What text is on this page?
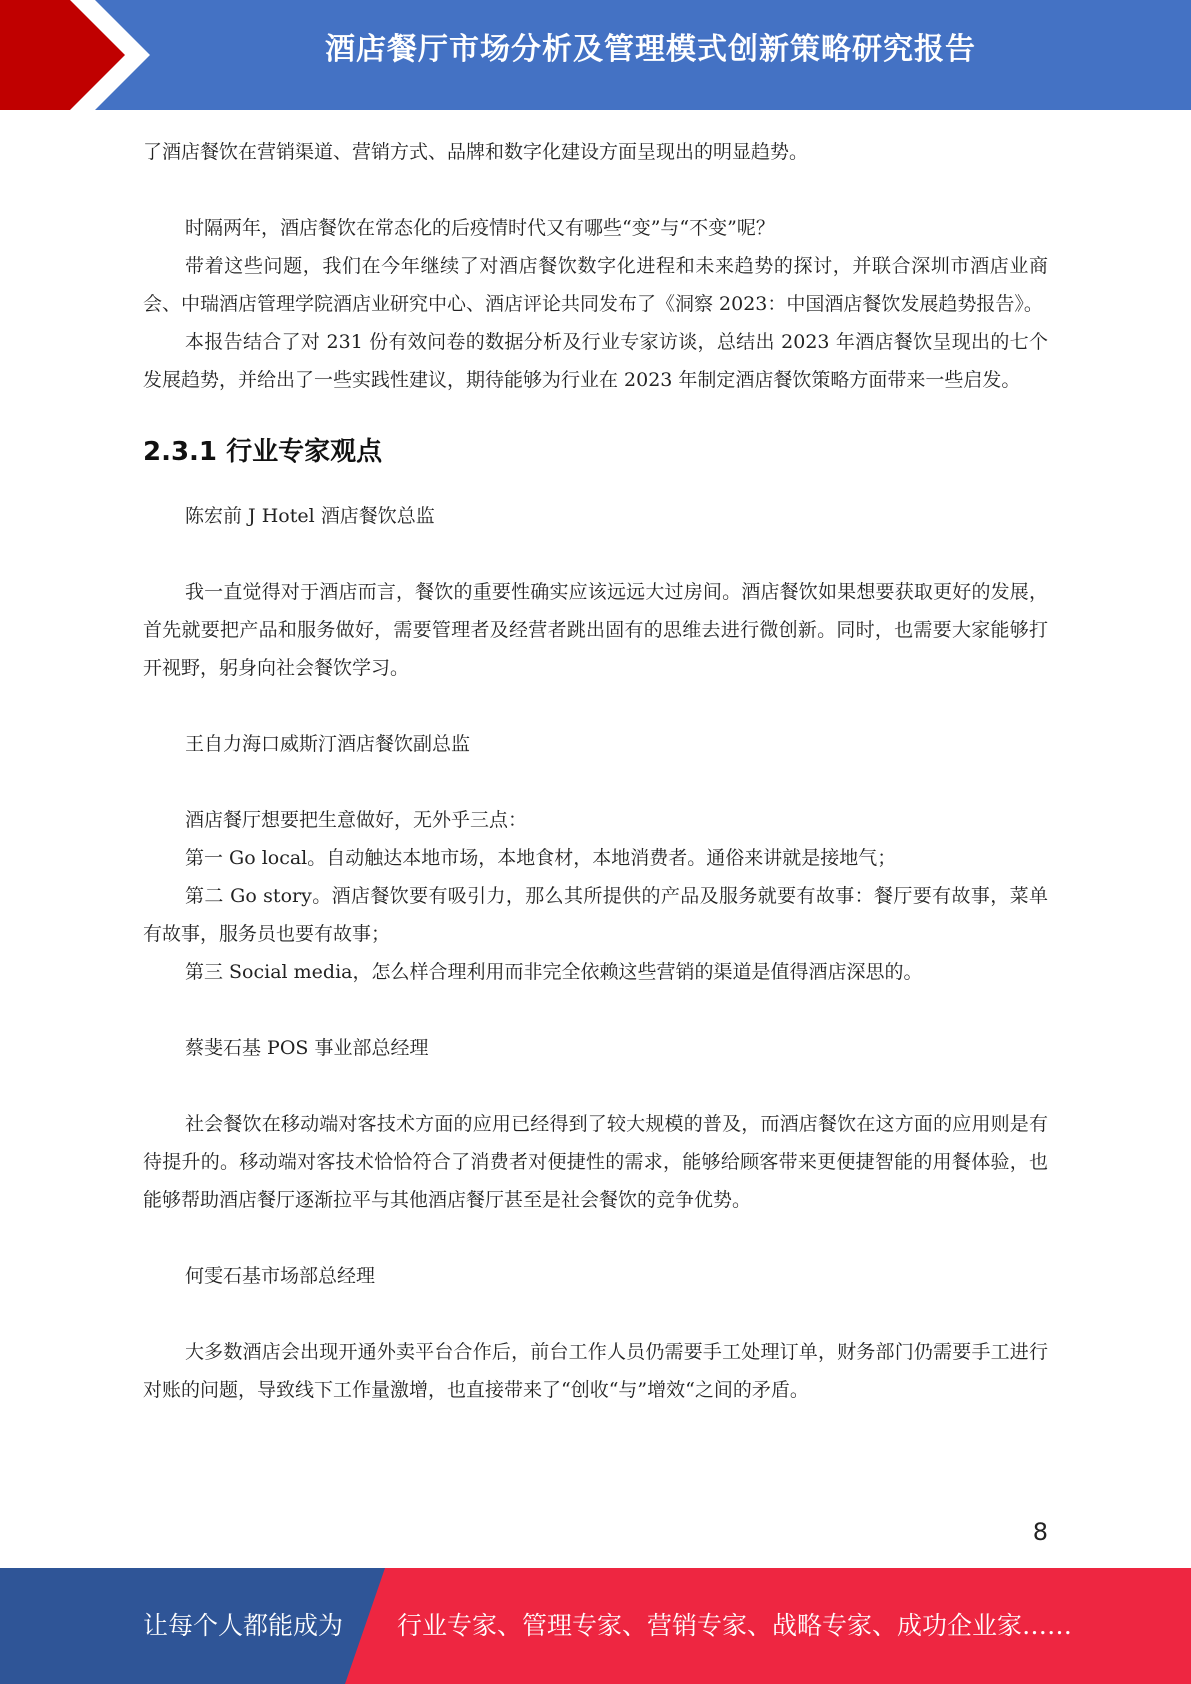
酒店餐厅市场分析及管理模式创新策略研究报告

了酒店餐饮在营销渠道、营销方式、品牌和数字化建设方面呈现出的明显趋势。

时隔两年，酒店餐饮在常态化的后疫情时代又有哪些“变”与“不变”呢？

带着这些问题，我们在今年继续了对酒店餐饮数字化进程和未来趋势的探讨，并联合深圳市酒店业商会、中瑞酒店管理学院酒店业研究中心、酒店评论共同发布了《洞察 2023：中国酒店餐饮发展趋势报告》。

本报告结合了对 231 份有效问卷的数据分析及行业专家访谈，总结出 2023 年酒店餐饮呈现出的七个发展趋势，并给出了一些实践性建议，期待能够为行业在 2023 年制定酒店餐饮策略方面带来一些启发。

2.3.1 行业专家观点

陈宏前 J Hotel 酒店餐饮总监

我一直觉得对于酒店而言，餐饮的重要性确实应该远远大过房间。酒店餐饮如果想要获取更好的发展，首先就要把产品和服务做好，需要管理者及经营者跳出固有的思维去进行微创新。同时，也需要大家能够打开视野，躬身向社会餐饮学习。

王自力海口威斯汀酒店餐饮副总监

酒店餐厅想要把生意做好，无外乎三点：

第一 Go local。自动触达本地市场，本地食材，本地消费者。通俗来讲就是接地气；

第二 Go story。酒店餐饮要有吸引力，那么其所提供的产品及服务就要有故事：餐厅要有故事，菜单有故事，服务员也要有故事；

第三 Social media，怎么样合理利用而非完全依赖这些营销的渠道是值得酒店深思的。

蔡斐石基 POS 事业部总经理

社会餐饮在移动端对客技术方面的应用已经得到了较大规模的普及，而酒店餐饮在这方面的应用则是有待提升的。移动端对客技术恰恰符合了消费者对便捷性的需求，能够给顾客带来更便捷智能的用餐体验，也能够帮助酒店餐厅逐渐拉平与其他酒店餐厅甚至是社会餐饮的竞争优势。

何雯石基市场部总经理

大多数酒店会出现开通外卖平台合作后，前台工作人员仍需要手工处理订单，财务部门仍需要手工进行对账的问题，导致线下工作量激增，也直接带来了“创收“与”增效“之间的矛盾。

8
让每个人都能成为 行业专家、管理专家、营销专家、战略专家、成功企业家……
